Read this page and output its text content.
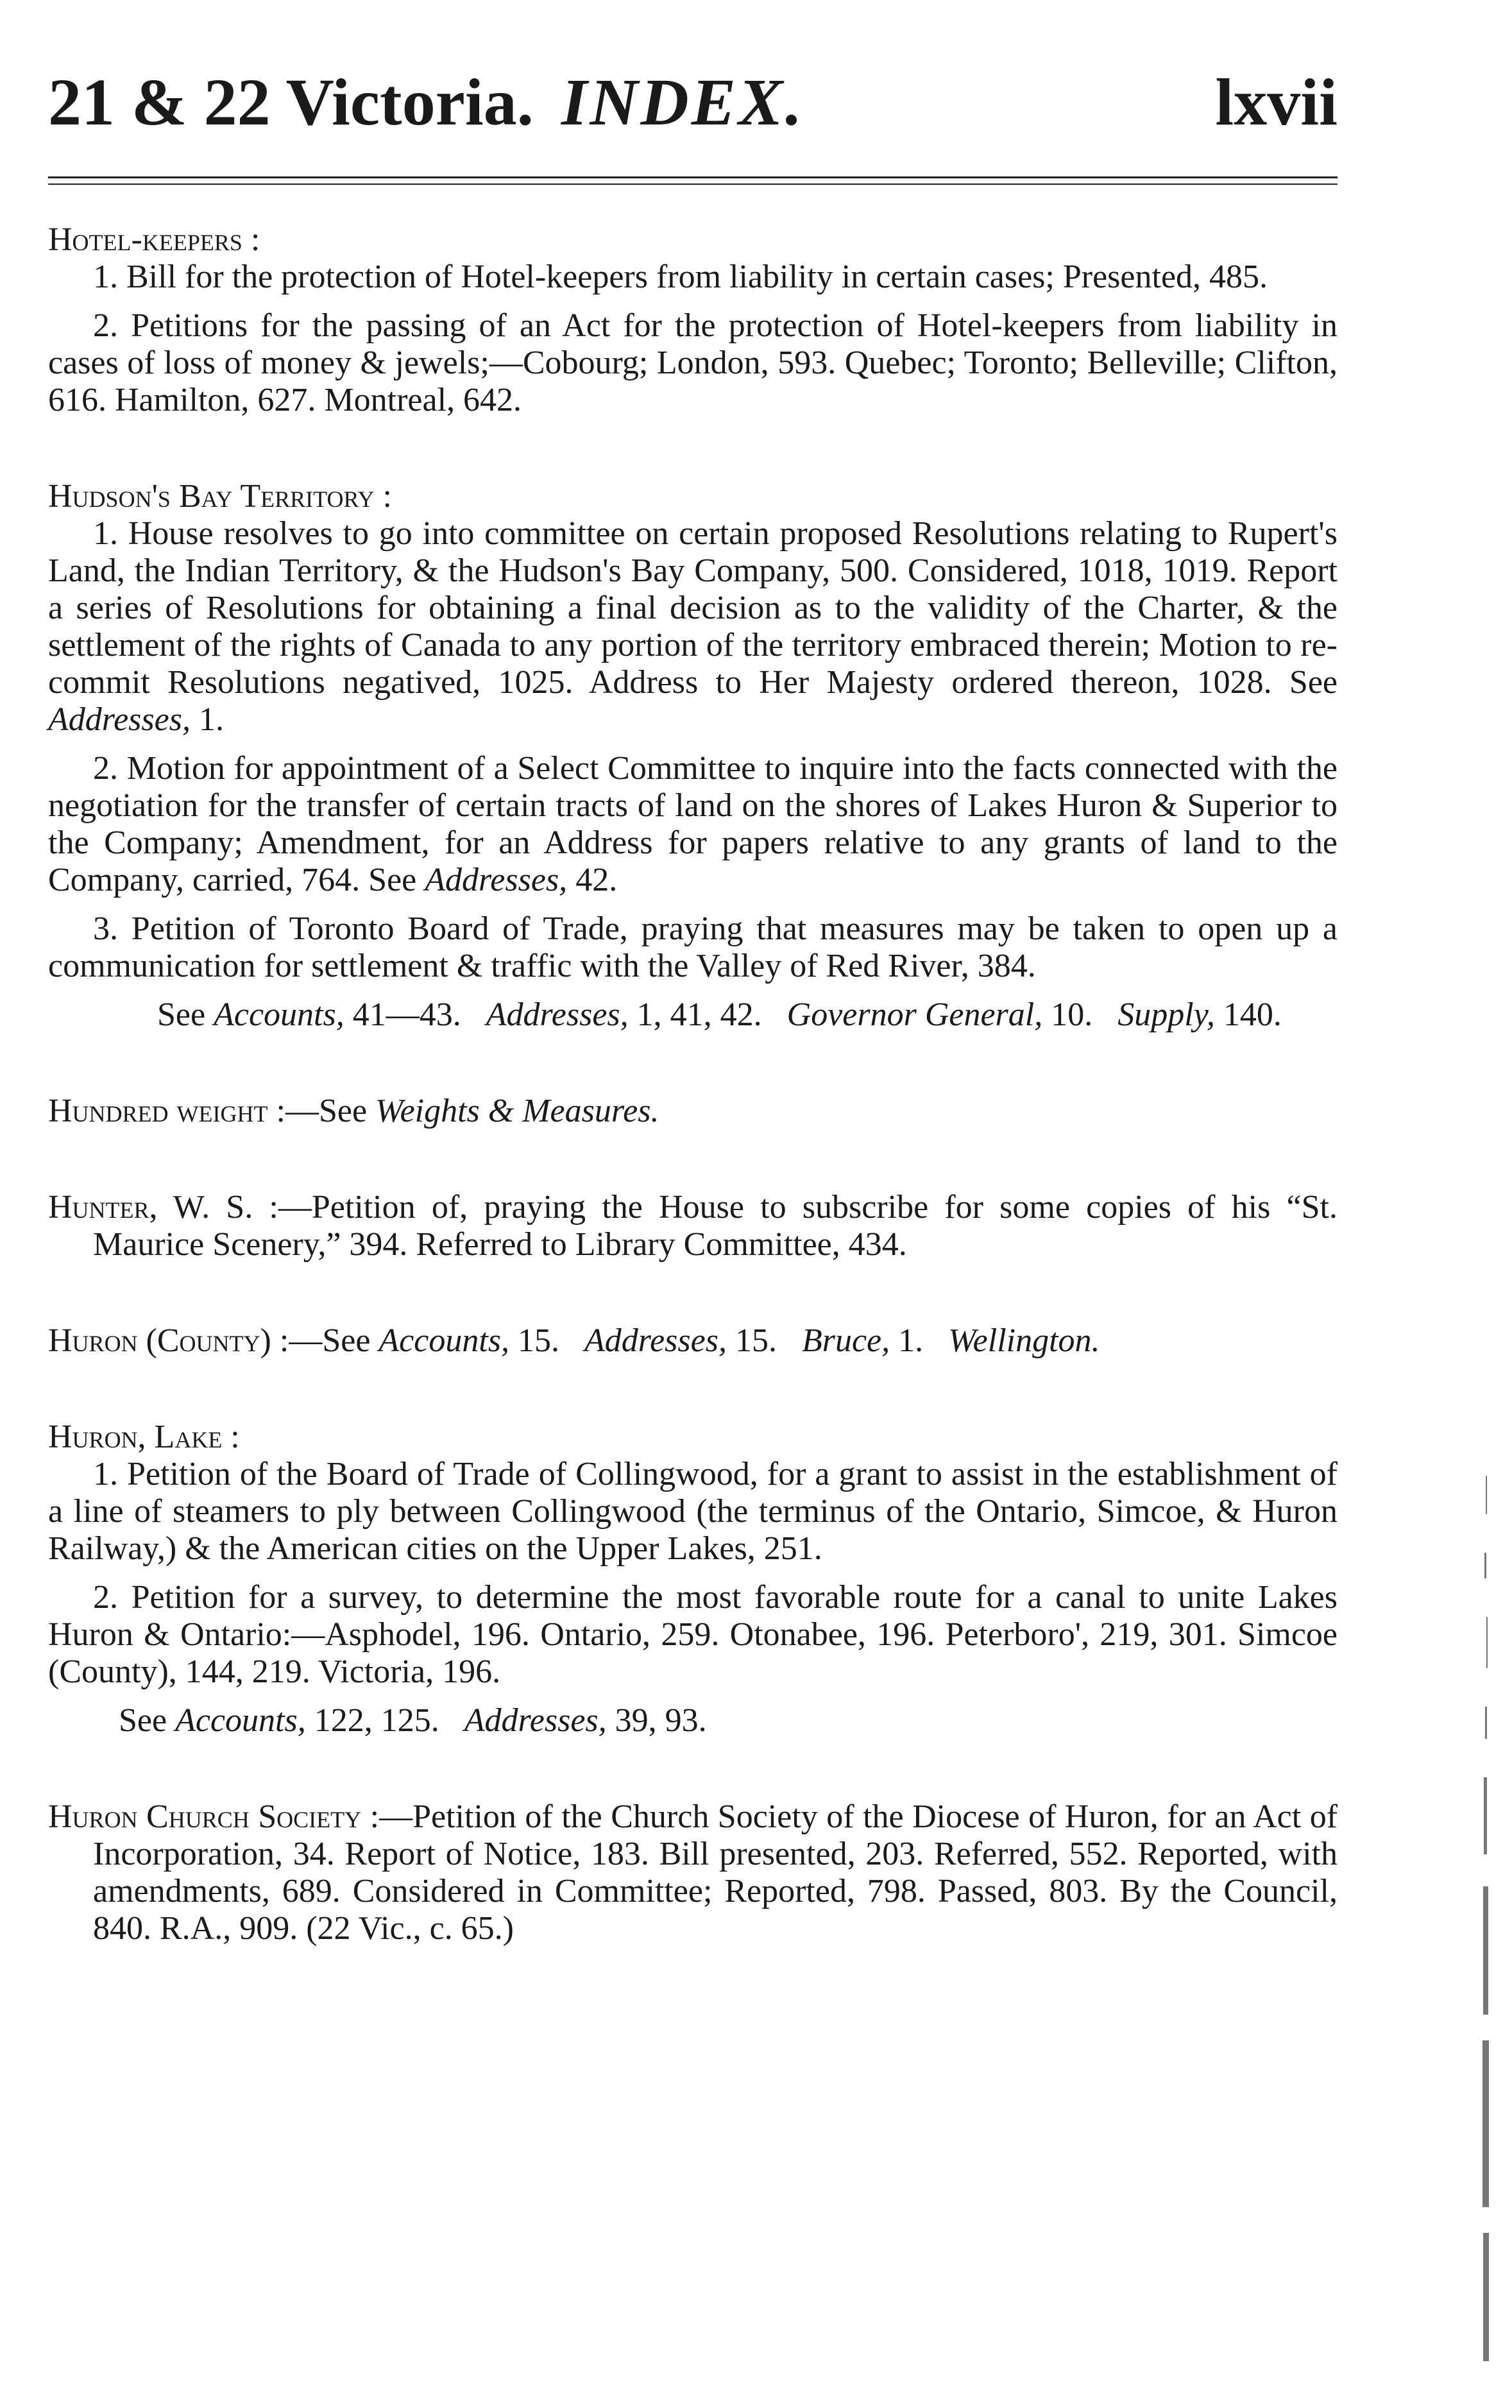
21 & 22 Victoria. INDEX.	lxvii

Hotel-keepers :

1. Bill for the protection of Hotel-keepers from liability in certain cases; Presented, 485.

2. Petitions for the passing of an Act for the protection of Hotel-keepers from liability in cases of loss of money & jewels;—Cobourg; London, 593. Quebec; Toronto; Belleville; Clifton, 616. Hamilton, 627. Montreal, 642.

Hudson's Bay Territory :

1. House resolves to go into committee on certain proposed Resolutions relating to Rupert's Land, the Indian Territory, & the Hudson's Bay Company, 500. Considered, 1018, 1019. Report a series of Resolutions for obtaining a final decision as to the validity of the Charter, & the settlement of the rights of Canada to any portion of the territory embraced therein; Motion to re-commit Resolutions negatived, 1025. Address to Her Majesty ordered thereon, 1028. See Addresses, 1.

2. Motion for appointment of a Select Committee to inquire into the facts connected with the negotiation for the transfer of certain tracts of land on the shores of Lakes Huron & Superior to the Company; Amendment, for an Address for papers relative to any grants of land to the Company, carried, 764. See Addresses, 42.

3. Petition of Toronto Board of Trade, praying that measures may be taken to open up a communication for settlement & traffic with the Valley of Red River, 384.

See Accounts, 41—43. Addresses, 1, 41, 42. Governor General, 10. Supply, 140.

Hundred weight :—See Weights & Measures.

Hunter, W. S. :—Petition of, praying the House to subscribe for some copies of his “St. Maurice Scenery,” 394. Referred to Library Committee, 434.

Huron (County) :—See Accounts, 15. Addresses, 15. Bruce, 1. Wellington.

Huron, Lake :

1. Petition of the Board of Trade of Collingwood, for a grant to assist in the establishment of a line of steamers to ply between Collingwood (the terminus of the Ontario, Simcoe, & Huron Railway,) & the American cities on the Upper Lakes, 251.

2. Petition for a survey, to determine the most favorable route for a canal to unite Lakes Huron & Ontario:—Asphodel, 196. Ontario, 259. Otonabee, 196. Peterboro', 219, 301. Simcoe (County), 144, 219. Victoria, 196.

See Accounts, 122, 125. Addresses, 39, 93.

Huron Church Society :—Petition of the Church Society of the Diocese of Huron, for an Act of Incorporation, 34. Report of Notice, 183. Bill presented, 203. Referred, 552. Reported, with amendments, 689. Considered in Committee; Reported, 798. Passed, 803. By the Council, 840. R.A., 909. (22 Vic., c. 65.)
